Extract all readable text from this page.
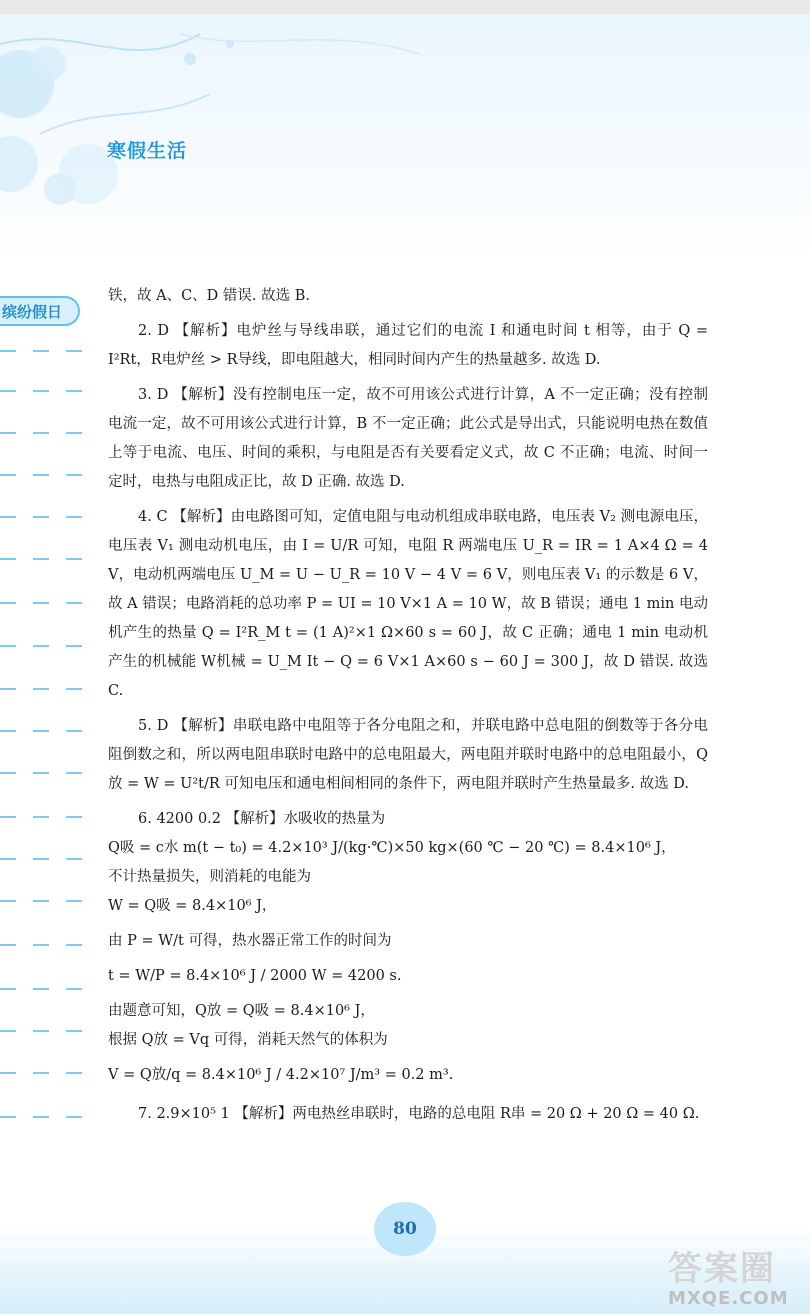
寒假生活
缤纷假日

铁，故 A、C、D 错误. 故选 B.

2. D 【解析】电炉丝与导线串联，通过它们的电流 I 和通电时间 t 相等，由于 Q = I²Rt，R电炉丝 > R导线，即电阻越大，相同时间内产生的热量越多. 故选 D.

3. D 【解析】没有控制电压一定，故不可用该公式进行计算，A 不一定正确；没有控制电流一定，故不可用该公式进行计算，B 不一定正确；此公式是导出式，只能说明电热在数值上等于电流、电压、时间的乘积，与电阻是否有关要看定义式，故 C 不正确；电流、时间一定时，电热与电阻成正比，故 D 正确. 故选 D.

4. C 【解析】由电路图可知，定值电阻与电动机组成串联电路，电压表 V₂ 测电源电压，电压表 V₁ 测电动机电压，由 I = U/R 可知，电阻 R 两端电压 U_R = IR = 1 A×4 Ω = 4 V，电动机两端电压 U_M = U − U_R = 10 V − 4 V = 6 V，则电压表 V₁ 的示数是 6 V，故 A 错误；电路消耗的总功率 P = UI = 10 V×1 A = 10 W，故 B 错误；通电 1 min 电动机产生的热量 Q = I²R_M t = (1 A)²×1 Ω×60 s = 60 J，故 C 正确；通电 1 min 电动机产生的机械能 W机械 = U_M It − Q = 6 V×1 A×60 s − 60 J = 300 J，故 D 错误. 故选 C.

5. D 【解析】串联电路中电阻等于各分电阻之和，并联电路中总电阻的倒数等于各分电阻倒数之和，所以两电阻串联时电路中的总电阻最大，两电阻并联时电路中的总电阻最小，Q放 = W = U²t/R 可知电压和通电相间相同的条件下，两电阻并联时产生热量最多. 故选 D.

6. 4200 0.2 【解析】水吸收的热量为

Q吸 = c水 m(t − t₀) = 4.2×10³ J/(kg·℃)×50 kg×(60 ℃ − 20 ℃) = 8.4×10⁶ J，

不计热量损失，则消耗的电能为

W = Q吸 = 8.4×10⁶ J，

由 P = W/t 可得，热水器正常工作的时间为

t = W/P = 8.4×10⁶ J / 2000 W = 4200 s.

由题意可知，Q放 = Q吸 = 8.4×10⁶ J，

根据 Q放 = Vq 可得，消耗天然气的体积为

V = Q放/q = 8.4×10⁶ J / 4.2×10⁷ J/m³ = 0.2 m³.

7. 2.9×10⁵ 1 【解析】两电热丝串联时，电路的总电阻 R串 = 20 Ω + 20 Ω = 40 Ω.

80
答案圈
MXQE.COM
